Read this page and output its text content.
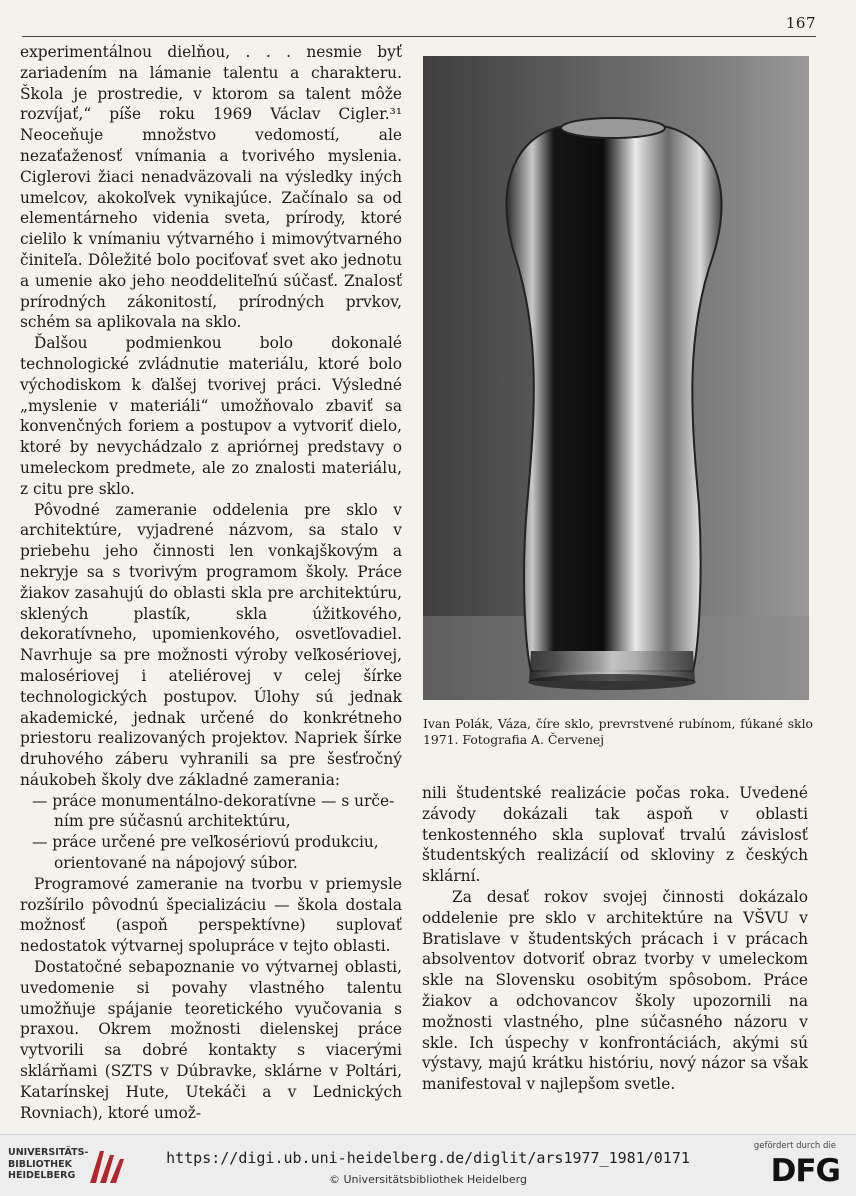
167

experimentálnou dielňou, . . . nesmie byť zariadením na lámanie talentu a charakteru. Škola je prostredie, v ktorom sa talent môže rozvíjať,“ píše roku 1969 Václav Cigler.³¹ Neoceňuje množstvo vedomostí, ale nezaťaženosť vnímania a tvorivého myslenia. Ciglerovi žiaci nenadväzovali na výsledky iných umelcov, akokoľvek vynikajúce. Začínalo sa od elementárneho videnia sveta, prírody, ktoré cielilo k vnímaniu výtvarného i mimovýtvarného činiteľa. Dôležité bolo pociťovať svet ako jednotu a umenie ako jeho neoddeliteľnú súčasť. Znalosť prírodných zákonitostí, prírodných prvkov, schém sa aplikovala na sklo.

Ďalšou podmienkou bolo dokonalé technologické zvládnutie materiálu, ktoré bolo východiskom k ďalšej tvorivej práci. Výsledné „myslenie v materiáli“ umožňovalo zbaviť sa konvenčných foriem a postupov a vytvoriť dielo, ktoré by nevychádzalo z apriórnej predstavy o umeleckom predmete, ale zo znalosti materiálu, z citu pre sklo.

Pôvodné zameranie oddelenia pre sklo v architektúre, vyjadrené názvom, sa stalo v priebehu jeho činnosti len vonkajškovým a nekryje sa s tvorivým programom školy. Práce žiakov zasahujú do oblasti skla pre architektúru, sklených plastík, skla úžitkového, dekoratívneho, upomienkového, osvetľovadiel. Navrhuje sa pre možnosti výroby veľkosériovej, malosériovej i ateliérovej v celej šírke technologických postupov. Úlohy sú jednak akademické, jednak určené do konkrétneho priestoru realizovaných projektov. Napriek šírke druhového záberu vyhranili sa pre šesťročný náukobeh školy dve základné zamerania:

— práce monumentálno-dekoratívne — s urče-
ním pre súčasnú architektúru,
— práce určené pre veľkosériovú produkciu,
orientované na nápojový súbor.

Programové zameranie na tvorbu v priemysle rozšírilo pôvodnú špecializáciu — škola dostala možnosť (aspoň perspektívne) suplovať nedostatok výtvarnej spolupráce v tejto oblasti.

Dostatočné sebapoznanie vo výtvarnej oblasti, uvedomenie si povahy vlastného talentu umožňuje spájanie teoretického vyučovania s praxou. Okrem možnosti dielenskej práce vytvorili sa dobré kontakty s viacerými sklárňami (SZTS v Dúbravke, sklárne v Poltári, Katarínskej Hute, Utekáči a v Lednických Rovniach), ktoré umož-

Ivan Polák, Váza, číre sklo, prevrstvené rubínom, fúkané sklo 1971. Fotografia A. Červenej

nili študentské realizácie počas roka. Uvedené závody dokázali tak aspoň v oblasti tenkostenného skla suplovať trvalú závislosť študentských realizácií od skloviny z českých sklární.

Za desať rokov svojej činnosti dokázalo oddelenie pre sklo v architektúre na VŠVU v Bratislave v študentských prácach i v prácach absolventov dotvoriť obraz tvorby v umeleckom skle na Slovensku osobitým spôsobom. Práce žiakov a odchovancov školy upozornili na možnosti vlastného, plne súčasného názoru v skle. Ich úspechy v konfrontáciách, akými sú výstavy, majú krátku históriu, nový názor sa však manifestoval v najlepšom svetle.

UNIVERSITÄTS-
BIBLIOTHEK
HEIDELBERG
https://digi.ub.uni-heidelberg.de/diglit/ars1977_1981/0171
© Universitätsbibliothek Heidelberg
gefördert durch die
DFG
